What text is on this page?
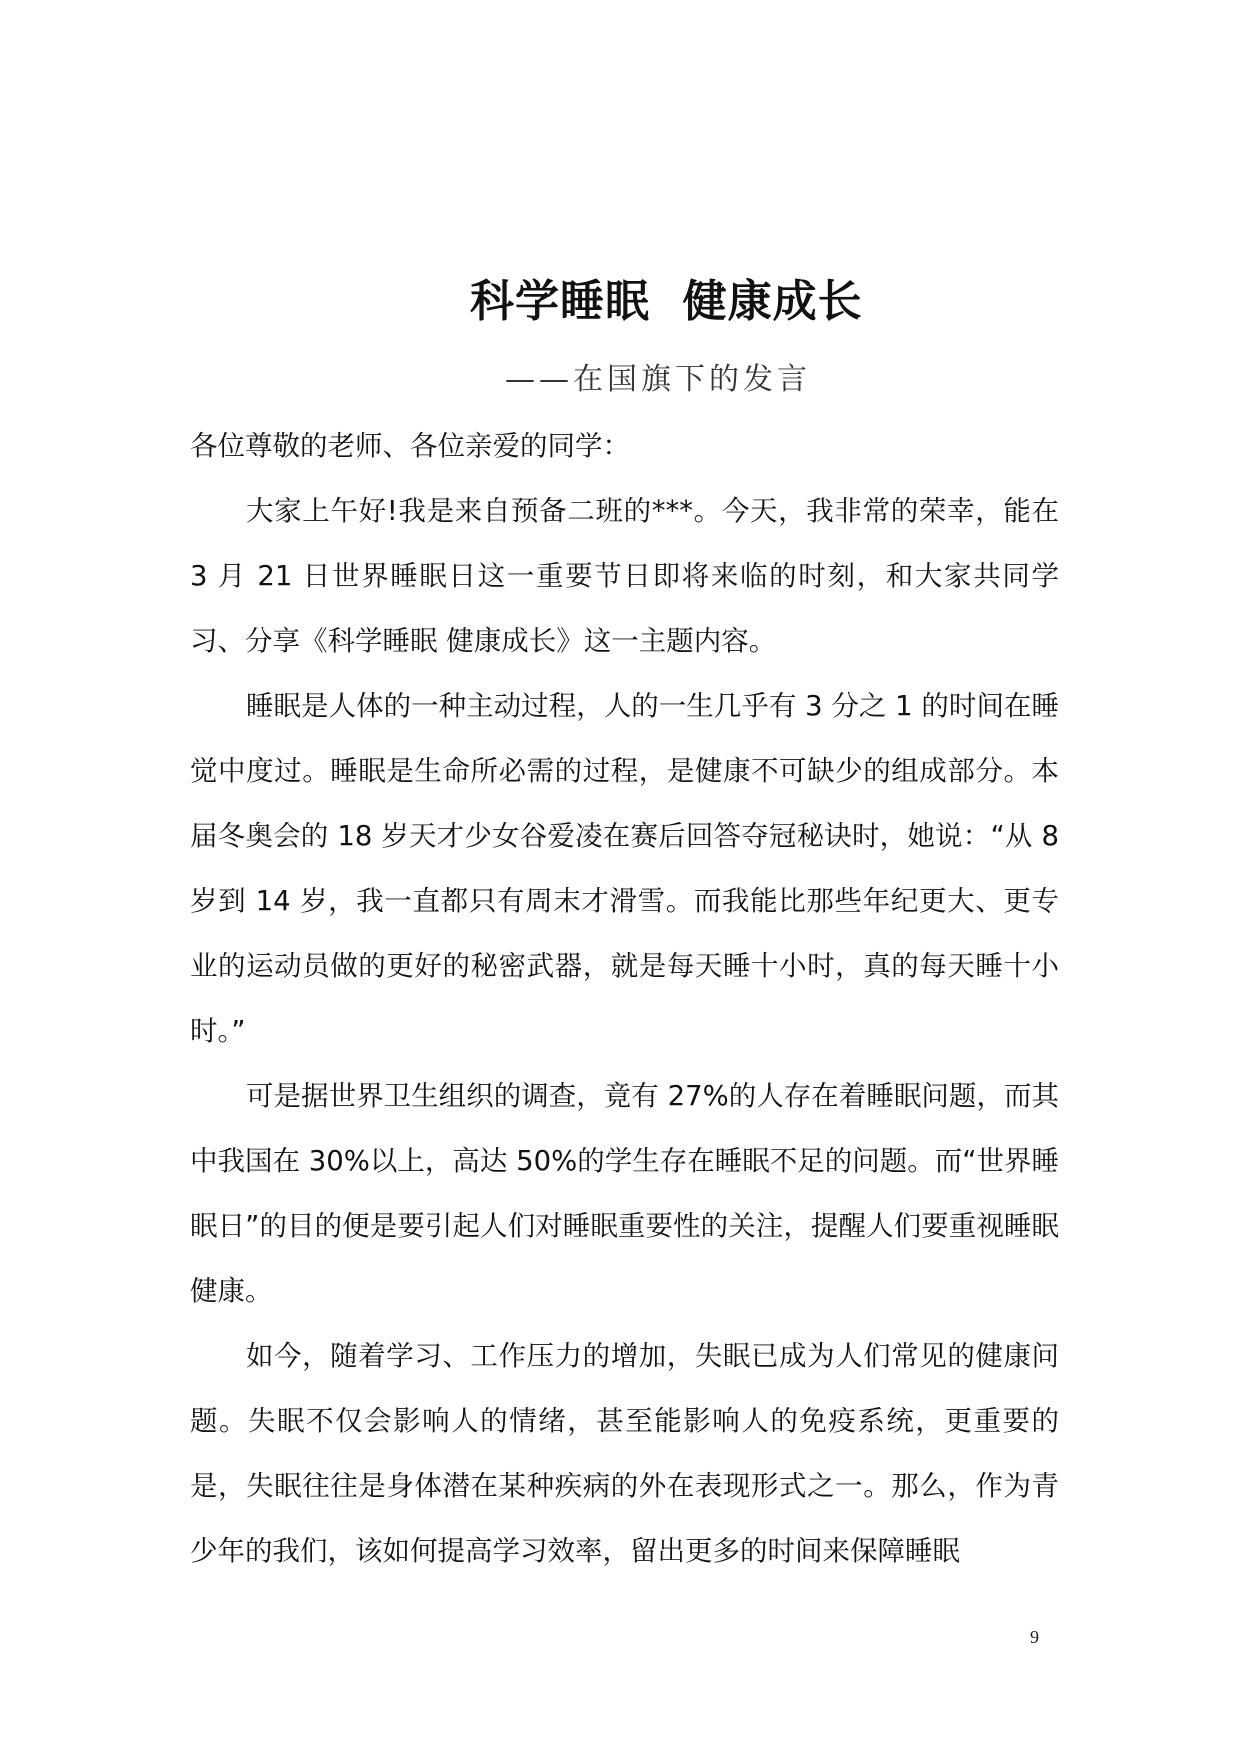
科学睡眠  健康成长
——在国旗下的发言
各位尊敬的老师、各位亲爱的同学：

大家上午好!我是来自预备二班的***。今天，我非常的荣幸，能在 3 月 21 日世界睡眠日这一重要节日即将来临的时刻，和大家共同学习、分享《科学睡眠 健康成长》这一主题内容。

睡眠是人体的一种主动过程，人的一生几乎有 3 分之 1 的时间在睡觉中度过。睡眠是生命所必需的过程，是健康不可缺少的组成部分。本届冬奥会的 18 岁天才少女谷爱凌在赛后回答夺冠秘诀时，她说：“从 8 岁到 14 岁，我一直都只有周末才滑雪。而我能比那些年纪更大、更专业的运动员做的更好的秘密武器，就是每天睡十小时，真的每天睡十小时。”

可是据世界卫生组织的调查，竟有 27%的人存在着睡眠问题，而其中我国在 30%以上，高达 50%的学生存在睡眠不足的问题。而“世界睡眠日”的目的便是要引起人们对睡眠重要性的关注，提醒人们要重视睡眠健康。

如今，随着学习、工作压力的增加，失眠已成为人们常见的健康问题。失眠不仅会影响人的情绪，甚至能影响人的免疫系统，更重要的是，失眠往往是身体潜在某种疾病的外在表现形式之一。那么，作为青少年的我们，该如何提高学习效率，留出更多的时间来保障睡眠

9
